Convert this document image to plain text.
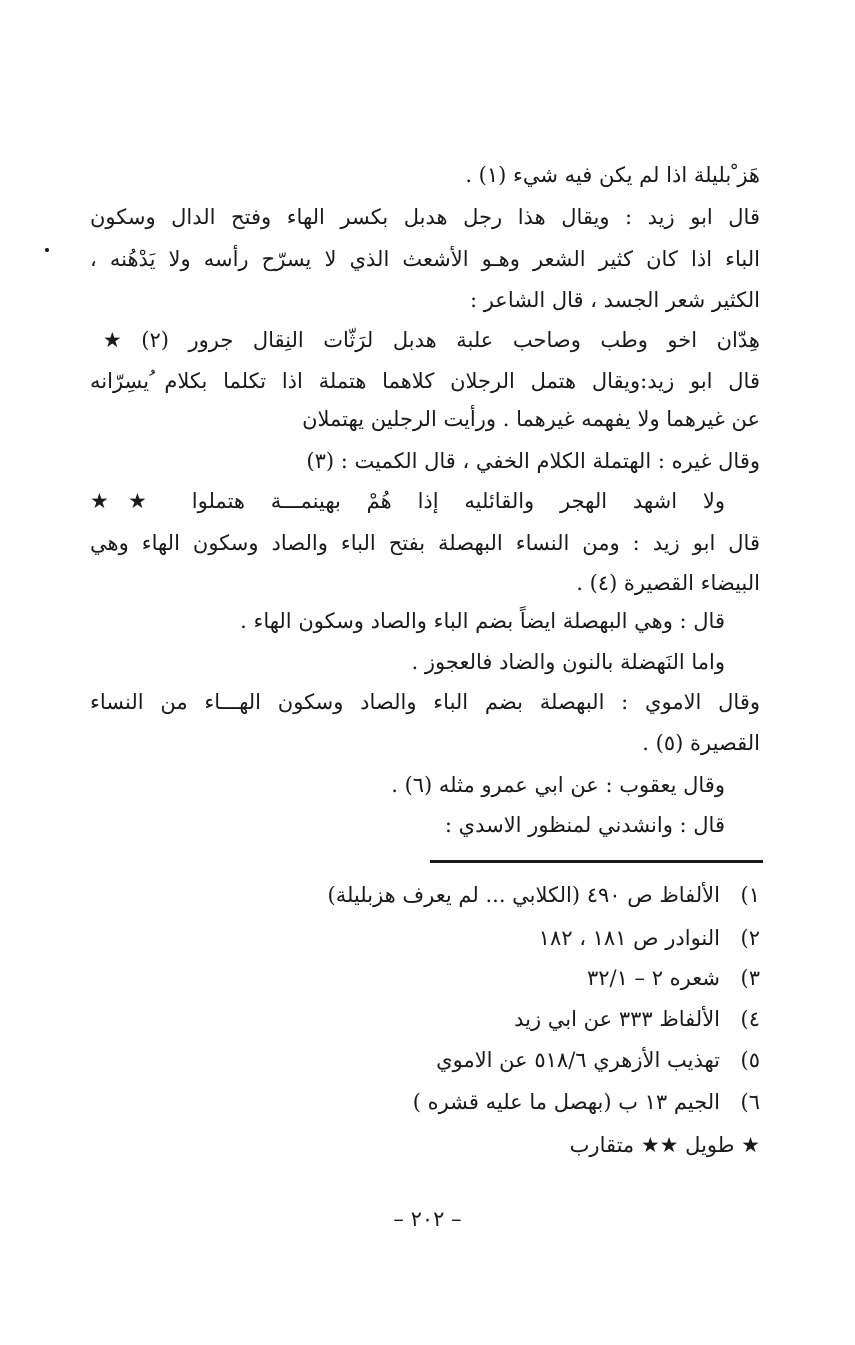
هَز ْبليلة اذا لم يكن فيه شيء (١) .
قال ابو زيد : ويقال هذا رجل هدبل بكسر الهاء وفتح الدال وسكون
الباء اذا كان كثير الشعر وهـو الأشعث الذي لا يسرّح رأسه ولا يَدْهُنه ،
الكثير شعر الجسد ، قال الشاعر :
هِدّان اخو وطب وصاحب علبة هدبل لرَثّات النِقال جرور (٢) ★
قال ابو زيد:ويقال هتمل الرجلان كلاهما هتملة اذا تكلما بكلام ُيسِرّانه
عن غيرهما ولا يفهمه غيرهما . ورأيت الرجلين يهتملان
وقال غيره : الهتملة الكلام الخفي ، قال الكميت : (٣)
ولا اشهد الهجر والقائليه إذا هُمْ بهينمـــة هتملوا ★★
قال ابو زيد : ومن النساء البهصلة بفتح الباء والصاد وسكون الهاء وهي
البيضاء القصيرة (٤) .
قال : وهي البهصلة ايضاً بضم الباء والصاد وسكون الهاء .
واما النَهضلة بالنون والضاد فالعجوز .
وقال الاموي : البهصلة بضم الباء والصاد وسكون الهـــاء من النساء
القصيرة (٥) .
وقال يعقوب : عن ابي عمرو مثله (٦) .
قال : وانشدني لمنظور الاسدي :
١)الألفاظ ص ٤٩٠ (الكلابي ... لم يعرف هزبليلة)
٢)النوادر ص ١٨١ ، ١٨٢
٣)شعره ٢ – ٣٢/١
٤)الألفاظ ٣٣٣ عن ابي زيد
٥)تهذيب الأزهري ٥١٨/٦ عن الاموي
٦)الجيم ١٣ ب (بهصل ما عليه قشره )
★ طويل ★★ متقارب
– ٢٠٢ –
